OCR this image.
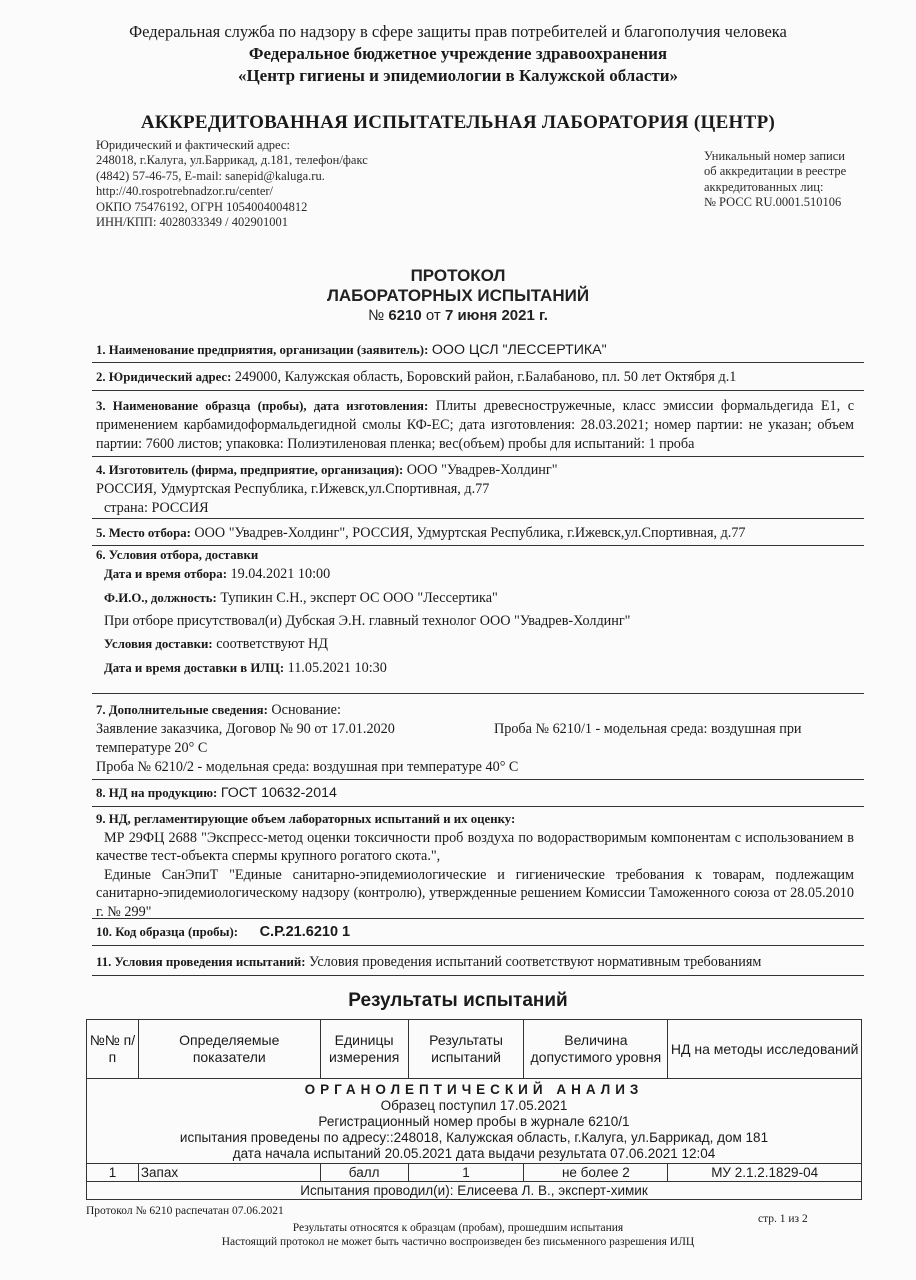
Федеральная служба по надзору в сфере защиты прав потребителей и благополучия человека
Федеральное бюджетное учреждение здравоохранения
«Центр гигиены и эпидемиологии в Калужской области»
АККРЕДИТОВАННАЯ ИСПЫТАТЕЛЬНАЯ ЛАБОРАТОРИЯ (ЦЕНТР)
Юридический и фактический адрес:
248018, г.Калуга, ул.Баррикад, д.181, телефон/факс
(4842) 57-46-75, E-mail: sanepid@kaluga.ru.
http://40.rospotrebnadzor.ru/center/
ОКПО 75476192, ОГРН 1054004004812
ИНН/КПП: 4028033349 / 402901001
Уникальный номер записи
об аккредитации в реестре
аккредитованных лиц:
№ РОСС RU.0001.510106
ПРОТОКОЛ
ЛАБОРАТОРНЫХ ИСПЫТАНИЙ
№ 6210 от 7 июня 2021 г.
1. Наименование предприятия, организации (заявитель): ООО ЦСЛ "ЛЕССЕРТИКА"
2. Юридический адрес: 249000, Калужская область, Боровский район, г.Балабаново, пл. 50 лет Октября д.1
3. Наименование образца (пробы), дата изготовления: Плиты древесностружечные, класс эмиссии формальдегида Е1, с применением карбамидоформальдегидной смолы КФ-ЕС; дата изготовления: 28.03.2021; номер партии: не указан; объем партии: 7600 листов; упаковка: Полиэтиленовая пленка; вес(объем) пробы для испытаний: 1 проба
4. Изготовитель (фирма, предприятие, организация): ООО "Увадрев-Холдинг"
РОССИЯ, Удмуртская Республика, г.Ижевск,ул.Спортивная, д.77
страна: РОССИЯ
5. Место отбора: ООО "Увадрев-Холдинг", РОССИЯ, Удмуртская Республика, г.Ижевск,ул.Спортивная, д.77
6. Условия отбора, доставки
Дата и время отбора: 19.04.2021 10:00
Ф.И.О., должность: Тупикин С.Н., эксперт ОС ООО "Лессертика"
При отборе присутствовал(и) Дубская Э.Н. главный технолог ООО "Увадрев-Холдинг"
Условия доставки: соответствуют НД
Дата и время доставки в ИЛЦ: 11.05.2021 10:30
7. Дополнительные сведения: Основание:
Заявление заказчика, Договор № 90 от 17.01.2020	Проба № 6210/1 - модельная среда: воздушная при
температуре 20° С
Проба № 6210/2 - модельная среда: воздушная при температуре 40° С
8. НД на продукцию: ГОСТ 10632-2014
9. НД, регламентирующие объем лабораторных испытаний и их оценку:
МР 29ФЦ 2688 "Экспресс-метод оценки токсичности проб воздуха по водорастворимым компонентам с использованием в качестве тест-объекта спермы крупного рогатого скота.",
Единые СанЭпиТ "Единые санитарно-эпидемиологические и гигиенические требования к товарам, подлежащим санитарно-эпидемиологическому надзору (контролю), утвержденные решением Комиссии Таможенного союза от 28.05.2010 г. № 299"
10. Код образца (пробы): С.Р.21.6210 1
11. Условия проведения испытаний: Условия проведения испытаний соответствуют нормативным требованиям
Результаты испытаний
№№ п/п	Определяемые показатели	Единицы измерения	Результаты испытаний	Величина допустимого уровня	НД на методы исследований

ОРГАНОЛЕПТИЧЕСКИЙ АНАЛИЗ
Образец поступил 17.05.2021
Регистрационный номер пробы в журнале 6210/1
испытания проведены по адресу::248018, Калужская область, г.Калуга, ул.Баррикад, дом 181
дата начала испытаний 20.05.2021 дата выдачи результата 07.06.2021 12:04					

1	Запах	балл	1	не более 2	МУ 2.1.2.1829-04
Испытания проводил(и): Елисеева Л. В., эксперт-химик					
Протокол № 6210 распечатан 07.06.2021
стр. 1 из 2
Результаты относятся к образцам (пробам), прошедшим испытания
Настоящий протокол не может быть частично воспроизведен без письменного разрешения ИЛЦ
